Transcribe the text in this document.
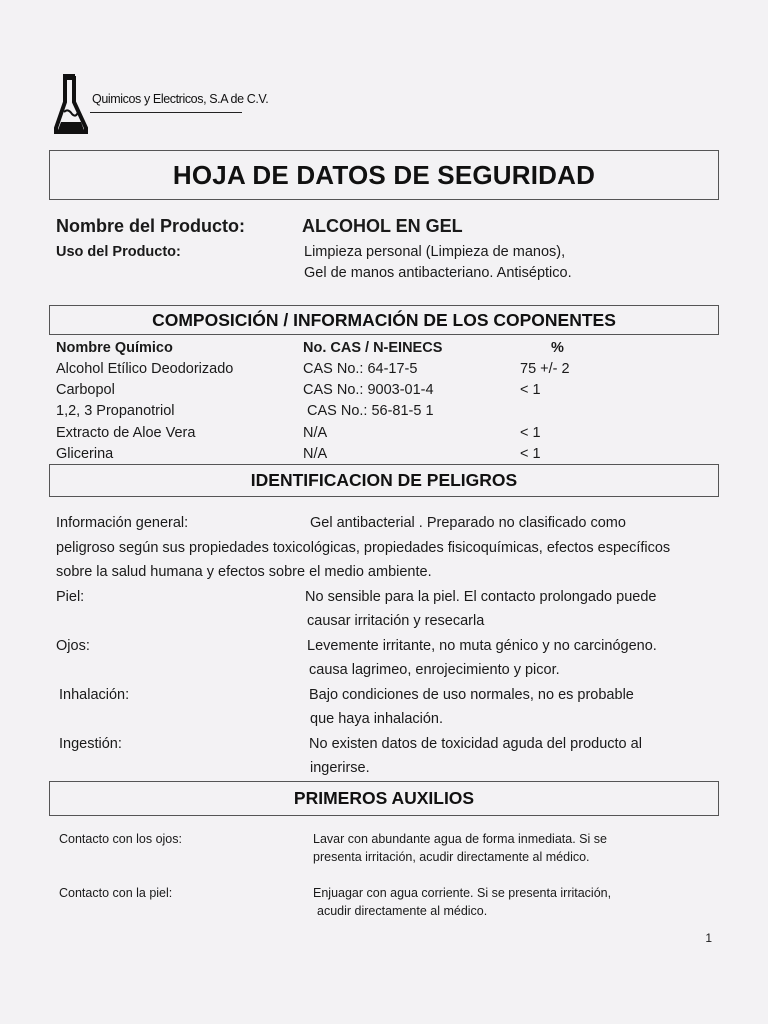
Quimicos y Electricos, S.A de C.V.
HOJA DE DATOS DE SEGURIDAD
Nombre del Producto:	ALCOHOL EN GEL
Uso del Producto:	Limpieza personal (Limpieza de manos),
Gel de manos antibacteriano. Antiséptico.
COMPOSICIÓN / INFORMACIÓN DE LOS COPONENTES
Nombre Químico	No. CAS / N-EINECS	%
Alcohol Etílico Deodorizado	CAS No.: 64-17-5	75 +/- 2
Carbopol	CAS No.: 9003-01-4	< 1
1,2, 3 Propanotriol	CAS No.: 56-81-5 1
Extracto de Aloe Vera	N/A	< 1
Glicerina	N/A	< 1
IDENTIFICACION DE PELIGROS
Información general:	Gel antibacterial . Preparado no clasificado como
peligroso según sus propiedades toxicológicas, propiedades fisicoquímicas, efectos específicos
sobre la salud humana y efectos sobre el medio ambiente.
Piel:	No sensible para la piel. El contacto prolongado puede
causar irritación y resecarla
Ojos:	Levemente irritante, no muta génico y no carcinógeno.
causa lagrimeo, enrojecimiento y picor.
Inhalación:	Bajo condiciones de uso normales, no es probable
que haya inhalación.
Ingestión:	No existen datos de toxicidad aguda del producto al
ingerirse.
PRIMEROS AUXILIOS
Contacto con los ojos:	Lavar con abundante agua de forma inmediata. Si se
presenta irritación, acudir directamente al médico.
Contacto con la piel:	Enjuagar con agua corriente. Si se presenta irritación,
acudir directamente al médico.
1
